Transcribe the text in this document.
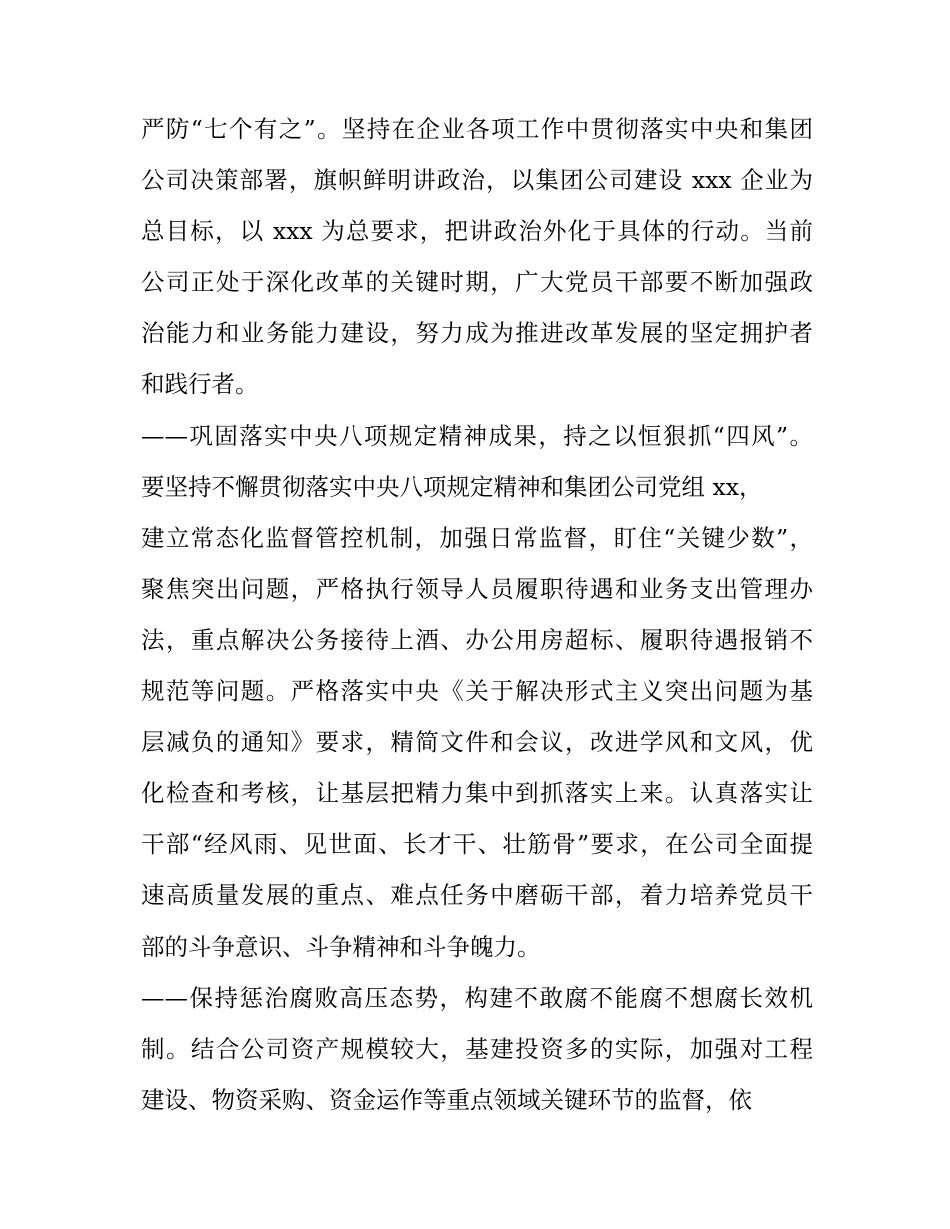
严防“七个有之”。坚持在企业各项工作中贯彻落实中央和集团
公司决策部署，旗帜鲜明讲政治，以集团公司建设 xxx 企业为
总目标，以 xxx 为总要求，把讲政治外化于具体的行动。当前
公司正处于深化改革的关键时期，广大党员干部要不断加强政
治能力和业务能力建设，努力成为推进改革发展的坚定拥护者
和践行者。
——巩固落实中央八项规定精神成果，持之以恒狠抓“四风”。
要坚持不懈贯彻落实中央八项规定精神和集团公司党组 xx，
建立常态化监督管控机制，加强日常监督，盯住“关键少数”，
聚焦突出问题，严格执行领导人员履职待遇和业务支出管理办
法，重点解决公务接待上酒、办公用房超标、履职待遇报销不
规范等问题。严格落实中央《关于解决形式主义突出问题为基
层减负的通知》要求，精简文件和会议，改进学风和文风，优
化检查和考核，让基层把精力集中到抓落实上来。认真落实让
干部“经风雨、见世面、长才干、壮筋骨”要求，在公司全面提
速高质量发展的重点、难点任务中磨砺干部，着力培养党员干
部的斗争意识、斗争精神和斗争魄力。
——保持惩治腐败高压态势，构建不敢腐不能腐不想腐长效机
制。结合公司资产规模较大，基建投资多的实际，加强对工程
建设、物资采购、资金运作等重点领域关键环节的监督，依
